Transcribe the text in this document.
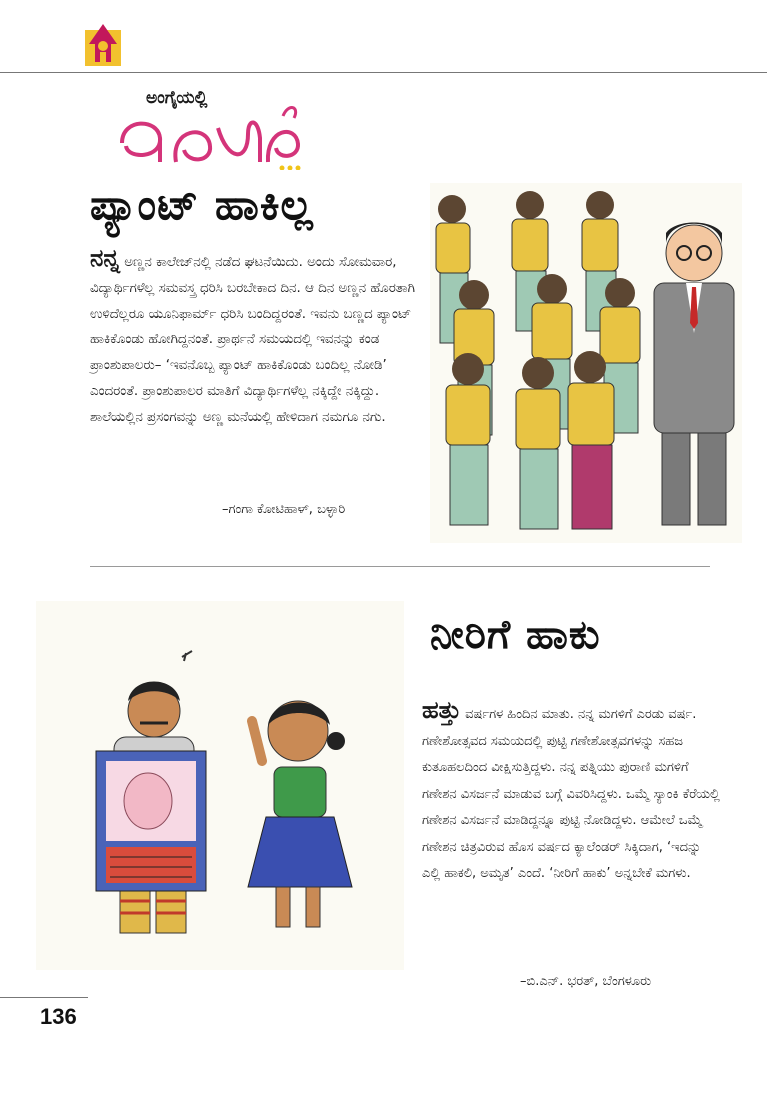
ಅಂಗೈಯಲ್ಲಿ
ಪ್ಯಾಂಟ್ ಹಾಕಿಲ್ಲ
ನನ್ನ ಅಣ್ಣನ ಕಾಲೇಜ್‌ನಲ್ಲಿ ನಡೆದ ಘಟನೆಯಿದು. ಅಂದು ಸೋಮವಾರ, ವಿದ್ಯಾರ್ಥಿಗಳೆಲ್ಲ ಸಮವಸ್ತ್ರ ಧರಿಸಿ ಬರಬೇಕಾದ ದಿನ. ಆ ದಿನ ಅಣ್ಣನ ಹೊರತಾಗಿ ಉಳಿದೆಲ್ಲರೂ ಯೂನಿಫಾರ್ಮ್ ಧರಿಸಿ ಬಂದಿದ್ದರಂತೆ. ಇವನು ಬಣ್ಣದ ಪ್ಯಾಂಟ್ ಹಾಕಿಕೊಂಡು ಹೋಗಿದ್ದನಂತೆ. ಪ್ರಾರ್ಥನೆ ಸಮಯದಲ್ಲಿ ಇವನನ್ನು ಕಂಡ ಪ್ರಾಂಶುಪಾಲರು– ‘ಇವನೊಬ್ಬ ಪ್ಯಾಂಟ್ ಹಾಕಿಕೊಂಡು ಬಂದಿಲ್ಲ ನೋಡಿ’ ಎಂದರಂತೆ. ಪ್ರಾಂಶುಪಾಲರ ಮಾತಿಗೆ ವಿದ್ಯಾರ್ಥಿಗಳೆಲ್ಲ ನಕ್ಕಿದ್ದೇ ನಕ್ಕಿದ್ದು. ಶಾಲೆಯಲ್ಲಿನ ಪ್ರಸಂಗವನ್ನು ಅಣ್ಣ ಮನೆಯಲ್ಲಿ ಹೇಳಿದಾಗ ನಮಗೂ ನಗು.
–ಗಂಗಾ ಕೋಟಿಹಾಳ್, ಬಳ್ಳಾರಿ
ನೀರಿಗೆ ಹಾಕು
ಹತ್ತು ವರ್ಷಗಳ ಹಿಂದಿನ ಮಾತು. ನನ್ನ ಮಗಳಿಗೆ ಎರಡು ವರ್ಷ. ಗಣೇಶೋತ್ಸವದ ಸಮಯದಲ್ಲಿ ಪುಟ್ಟಿ ಗಣೇಶೋತ್ಸವಗಳನ್ನು ಸಹಜ ಕುತೂಹಲದಿಂದ ವೀಕ್ಷಿಸುತ್ತಿದ್ದಳು. ನನ್ನ ಪತ್ನಿಯು ಪುರಾಣಿ ಮಗಳಿಗೆ ಗಣೇಶನ ವಿಸರ್ಜನೆ ಮಾಡುವ ಬಗ್ಗೆ ವಿವರಿಸಿದ್ದಳು. ಒಮ್ಮೆ ಸ್ಯಾಂಕಿ ಕೆರೆಯಲ್ಲಿ ಗಣೇಶನ ವಿಸರ್ಜನೆ ಮಾಡಿದ್ದನ್ನೂ ಪುಟ್ಟಿ ನೋಡಿದ್ದಳು. ಆಮೇಲೆ ಒಮ್ಮೆ ಗಣೇಶನ ಚಿತ್ರವಿರುವ ಹೊಸ ವರ್ಷದ ಕ್ಯಾಲೆಂಡರ್ ಸಿಕ್ಕಿದಾಗ, ‘ಇದನ್ನು ಎಲ್ಲಿ ಹಾಕಲಿ, ಅಮೃತ’ ಎಂದೆ. ‘ನೀರಿಗೆ ಹಾಕು’ ಅನ್ನಬೇಕೆ ಮಗಳು.
–ಬಿ.ಎನ್. ಭರತ್, ಬೆಂಗಳೂರು
136
